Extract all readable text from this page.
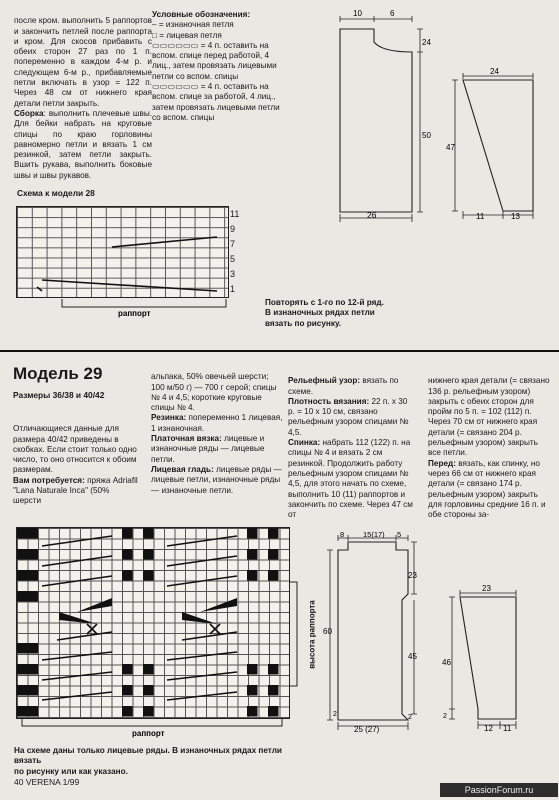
после кром. выполнить 5 раппортов и закончить петлей после раппорта и кром. Для скосов прибавить с обеих сторон 27 раз по 1 п. попеременно в каждом 4-м р. и следующем 6-м р., прибавляемые петли включать в узор = 122 п. Через 48 см от нижнего края детали петли закрыть.
Сборка: выполнить плечевые швы. Для бейки набрать на круговые спицы по краю горловины равномерно петли и вязать 1 см резинкой, затем петли закрыть. Вшить рукава, выполнить боковые швы и швы рукавов.

Условные обозначения:
– = изнаночная петля
□ = лицевая петля
▭▭▭▭▭▭ = 4 п. оставить на вспом. спице перед работой, 4 лиц., затем провязать лицевыми петли со вспом. спицы
▭▭▭▭▭▭ = 4 п. оставить на вспом. спице за работой, 4 лиц., затем провязать лицевыми петли со вспом. спицы
10	6
24
50
26
24
47
11	13
Схема к модели 28
11
9
7
5
3
1
раппорт
Повторять с 1-го по 12-й ряд.
В изнаночных рядах петли
вязать по рисунку.
Модель 29
Размеры 36/38 и 40/42

Отличающиеся данные для размера 40/42 приведены в скобках. Если стоит только одно число, то оно относится к обоим размерам.
Вам потребуется: пряжа Adriafil "Lana Naturale Inca" (50% шерсти

альпака, 50% овечьей шерсти; 100 м/50 г) — 700 г серой; спицы № 4 и 4,5; короткие круговые спицы № 4.
Резинка: попеременно 1 лицевая, 1 изнаночная.
Платочная вязка: лицевые и изнаночные ряды — лицевые петли.
Лицевая гладь: лицевые ряды — лицевые петли, изнаночные ряды — изнаночные петли.

Рельефный узор: вязать по схеме.
Плотность вязания: 22 п. х 30 р. = 10 х 10 см, связано рельефным узором спицами № 4,5.
Спинка: набрать 112 (122) п. на спицы № 4 и вязать 2 см резинкой. Продолжить работу рельефным узором спицами № 4,5, для этого начать по схеме, выполнить 10 (11) раппортов и закончить по схеме. Через 47 см от

нижнего края детали (= связано 136 р. рельефным узором) закрыть с обеих сторон для пройм по 5 п. = 102 (112) п. Через 70 см от нижнего края детали (= связано 204 р. рельефным узором) закрыть все петли.
Перед: вязать, как спинку, но через 66 см от нижнего края детали (= связано 174 р. рельефным узором) закрыть для горловины средние 16 п. и обе стороны за-

высота раппорта
раппорт
На схеме даны только лицевые ряды. В изнаночных рядах петли вязать
по рисунку или как указано.
8	15(17) 5
23
60
45
2
2
25 (27)
23
46
2
12 11
40 VERENA 1/99
PassionForum.ru
